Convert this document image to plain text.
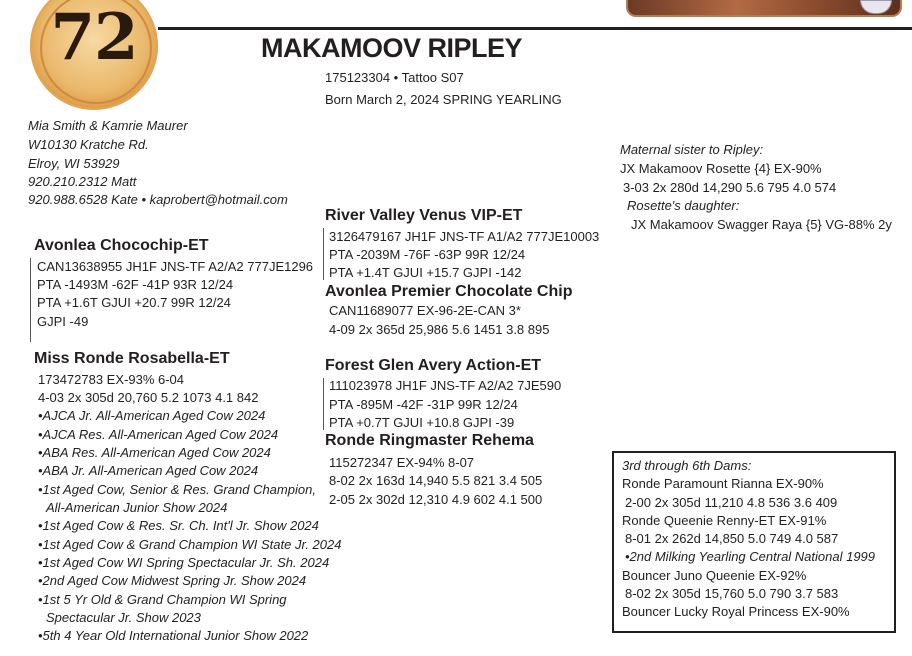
72	MAKAMOOV RIPLEY
175123304 • Tattoo S07
Born March 2, 2024 SPRING YEARLING
Mia Smith & Kamrie Maurer
W10130 Kratche Rd.
Elroy, WI 53929
920.210.2312 Matt
920.988.6528 Kate • kaprobert@hotmail.com
Avonlea Chocochip-ET
CAN13638955 JH1F JNS-TF A2/A2 777JE1296
PTA -1493M -62F -41P 93R 12/24
PTA +1.6T GJUI +20.7 99R 12/24
GJPI -49
Miss Ronde Rosabella-ET
173472783 EX-93% 6-04
4-03 2x 305d 20,760 5.2 1073 4.1 842
•AJCA Jr. All-American Aged Cow 2024
•AJCA Res. All-American Aged Cow 2024
•ABA Res. All-American Aged Cow 2024
•ABA Jr. All-American Aged Cow 2024
•1st Aged Cow, Senior & Res. Grand Champion,
All-American Junior Show 2024
•1st Aged Cow & Res. Sr. Ch. Int'l Jr. Show 2024
•1st Aged Cow & Grand Champion WI State Jr. 2024
•1st Aged Cow WI Spring Spectacular Jr. Sh. 2024
•2nd Aged Cow Midwest Spring Jr. Show 2024
•1st 5 Yr Old & Grand Champion WI Spring
Spectacular Jr. Show 2023
•5th 4 Year Old International Junior Show 2022
River Valley Venus VIP-ET
3126479167 JH1F JNS-TF A1/A2 777JE10003
PTA -2039M -76F -63P 99R 12/24
PTA +1.4T GJUI +15.7 GJPI -142
Avonlea Premier Chocolate Chip
CAN11689077 EX-96-2E-CAN 3*
4-09 2x 365d 25,986 5.6 1451 3.8 895
Forest Glen Avery Action-ET
111023978 JH1F JNS-TF A2/A2 7JE590
PTA -895M -42F -31P 99R 12/24
PTA +0.7T GJUI +10.8 GJPI -39
Ronde Ringmaster Rehema
115272347 EX-94% 8-07
8-02 2x 163d 14,940 5.5 821 3.4 505
2-05 2x 302d 12,310 4.9 602 4.1 500
Maternal sister to Ripley:
JX Makamoov Rosette {4} EX-90%
3-03 2x 280d 14,290 5.6 795 4.0 574
Rosette's daughter:
JX Makamoov Swagger Raya {5} VG-88% 2y
3rd through 6th Dams:
Ronde Paramount Rianna EX-90%
2-00 2x 305d 11,210 4.8 536 3.6 409
Ronde Queenie Renny-ET EX-91%
8-01 2x 262d 14,850 5.0 749 4.0 587
•2nd Milking Yearling Central National 1999
Bouncer Juno Queenie EX-92%
8-02 2x 305d 15,760 5.0 790 3.7 583
Bouncer Lucky Royal Princess EX-90%
